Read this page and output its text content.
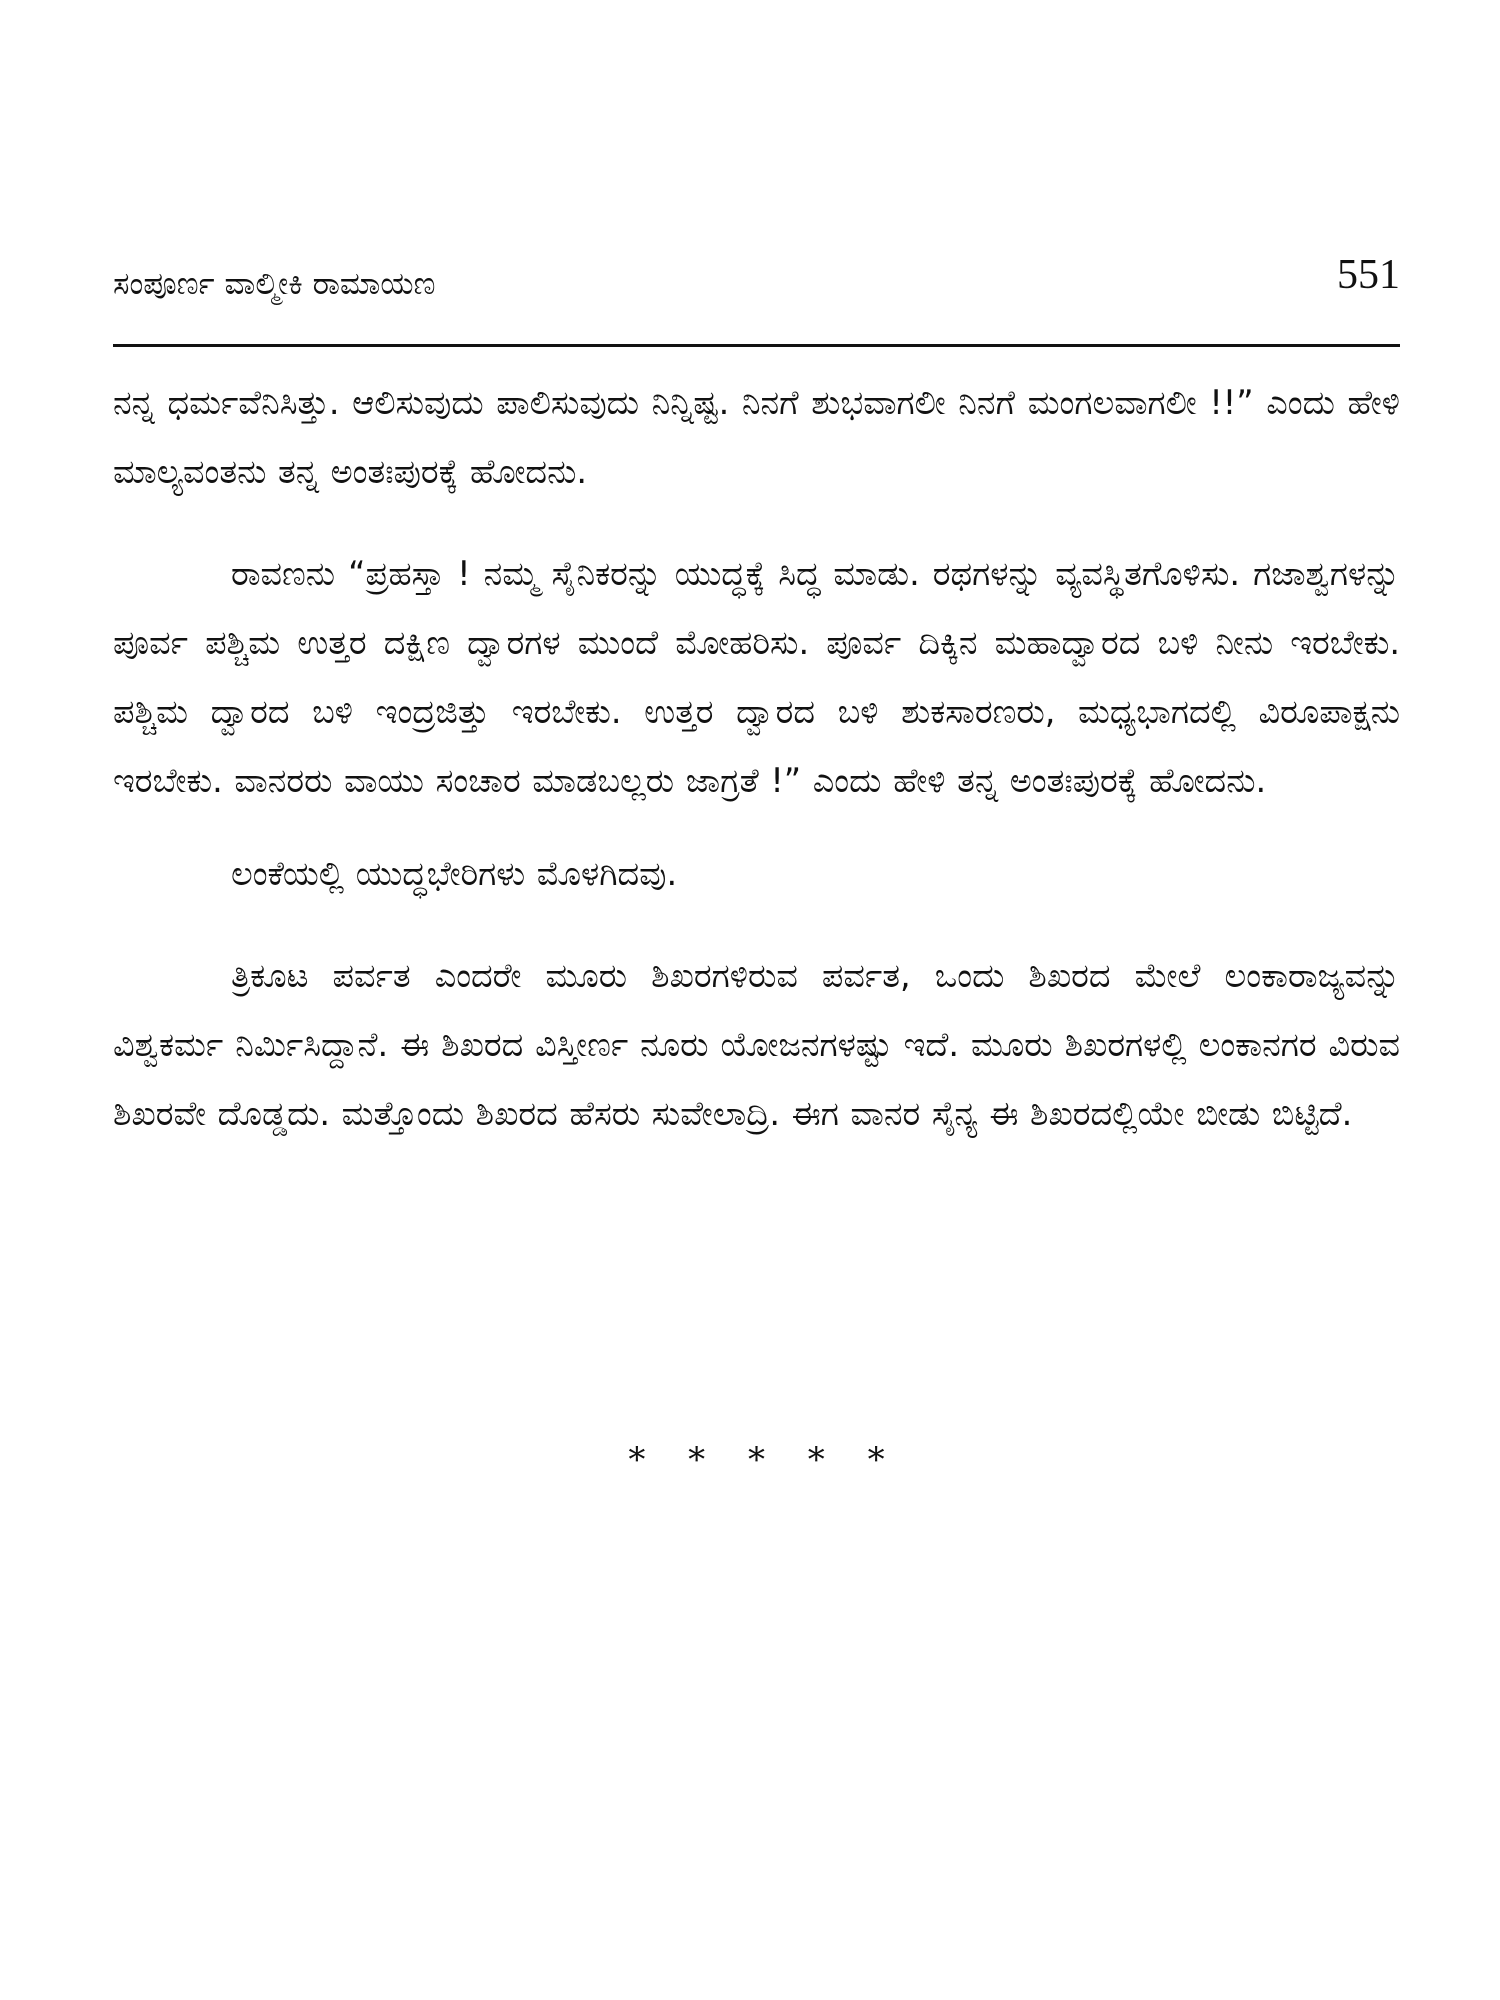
ಸಂಪೂರ್ಣ ವಾಲ್ಮೀಕಿ ರಾಮಾಯಣ	551

ನನ್ನ ಧರ್ಮವೆನಿಸಿತ್ತು. ಆಲಿಸುವುದು ಪಾಲಿಸುವುದು ನಿನ್ನಿಷ್ಟ. ನಿನಗೆ ಶುಭವಾಗಲೀ ನಿನಗೆ ಮಂಗಲವಾಗಲೀ !!” ಎಂದು ಹೇಳಿ ಮಾಲ್ಯವಂತನು ತನ್ನ ಅಂತಃಪುರಕ್ಕೆ ಹೋದನು.

ರಾವಣನು “ಪ್ರಹಸ್ತಾ ! ನಮ್ಮ ಸೈನಿಕರನ್ನು ಯುದ್ಧಕ್ಕೆ ಸಿದ್ಧ ಮಾಡು. ರಥಗಳನ್ನು ವ್ಯವಸ್ಥಿತಗೊಳಿಸು. ಗಜಾಶ್ವಗಳನ್ನು ಪೂರ್ವ ಪಶ್ಚಿಮ ಉತ್ತರ ದಕ್ಷಿಣ ದ್ವಾರಗಳ ಮುಂದೆ ಮೋಹರಿಸು. ಪೂರ್ವ ದಿಕ್ಕಿನ ಮಹಾದ್ವಾರದ ಬಳಿ ನೀನು ಇರಬೇಕು. ಪಶ್ಚಿಮ ದ್ವಾರದ ಬಳಿ ಇಂದ್ರಜಿತ್ತು ಇರಬೇಕು. ಉತ್ತರ ದ್ವಾರದ ಬಳಿ ಶುಕಸಾರಣರು, ಮಧ್ಯಭಾಗದಲ್ಲಿ ವಿರೂಪಾಕ್ಷನು ಇರಬೇಕು. ವಾನರರು ವಾಯು ಸಂಚಾರ ಮಾಡಬಲ್ಲರು ಜಾಗ್ರತೆ !” ಎಂದು ಹೇಳಿ ತನ್ನ ಅಂತಃಪುರಕ್ಕೆ ಹೋದನು.

ಲಂಕೆಯಲ್ಲಿ ಯುದ್ಧಭೇರಿಗಳು ಮೊಳಗಿದವು.

ತ್ರಿಕೂಟ ಪರ್ವತ ಎಂದರೇ ಮೂರು ಶಿಖರಗಳಿರುವ ಪರ್ವತ, ಒಂದು ಶಿಖರದ ಮೇಲೆ ಲಂಕಾರಾಜ್ಯವನ್ನು ವಿಶ್ವಕರ್ಮ ನಿರ್ಮಿಸಿದ್ದಾನೆ. ಈ ಶಿಖರದ ವಿಸ್ತೀರ್ಣ ನೂರು ಯೋಜನಗಳಷ್ಟು ಇದೆ. ಮೂರು ಶಿಖರಗಳಲ್ಲಿ ಲಂಕಾನಗರ ವಿರುವ ಶಿಖರವೇ ದೊಡ್ಡದು. ಮತ್ತೊಂದು ಶಿಖರದ ಹೆಸರು ಸುವೇಲಾದ್ರಿ. ಈಗ ವಾನರ ಸೈನ್ಯ ಈ ಶಿಖರದಲ್ಲಿಯೇ ಬೀಡು ಬಿಟ್ಟಿದೆ.

* * * * *
